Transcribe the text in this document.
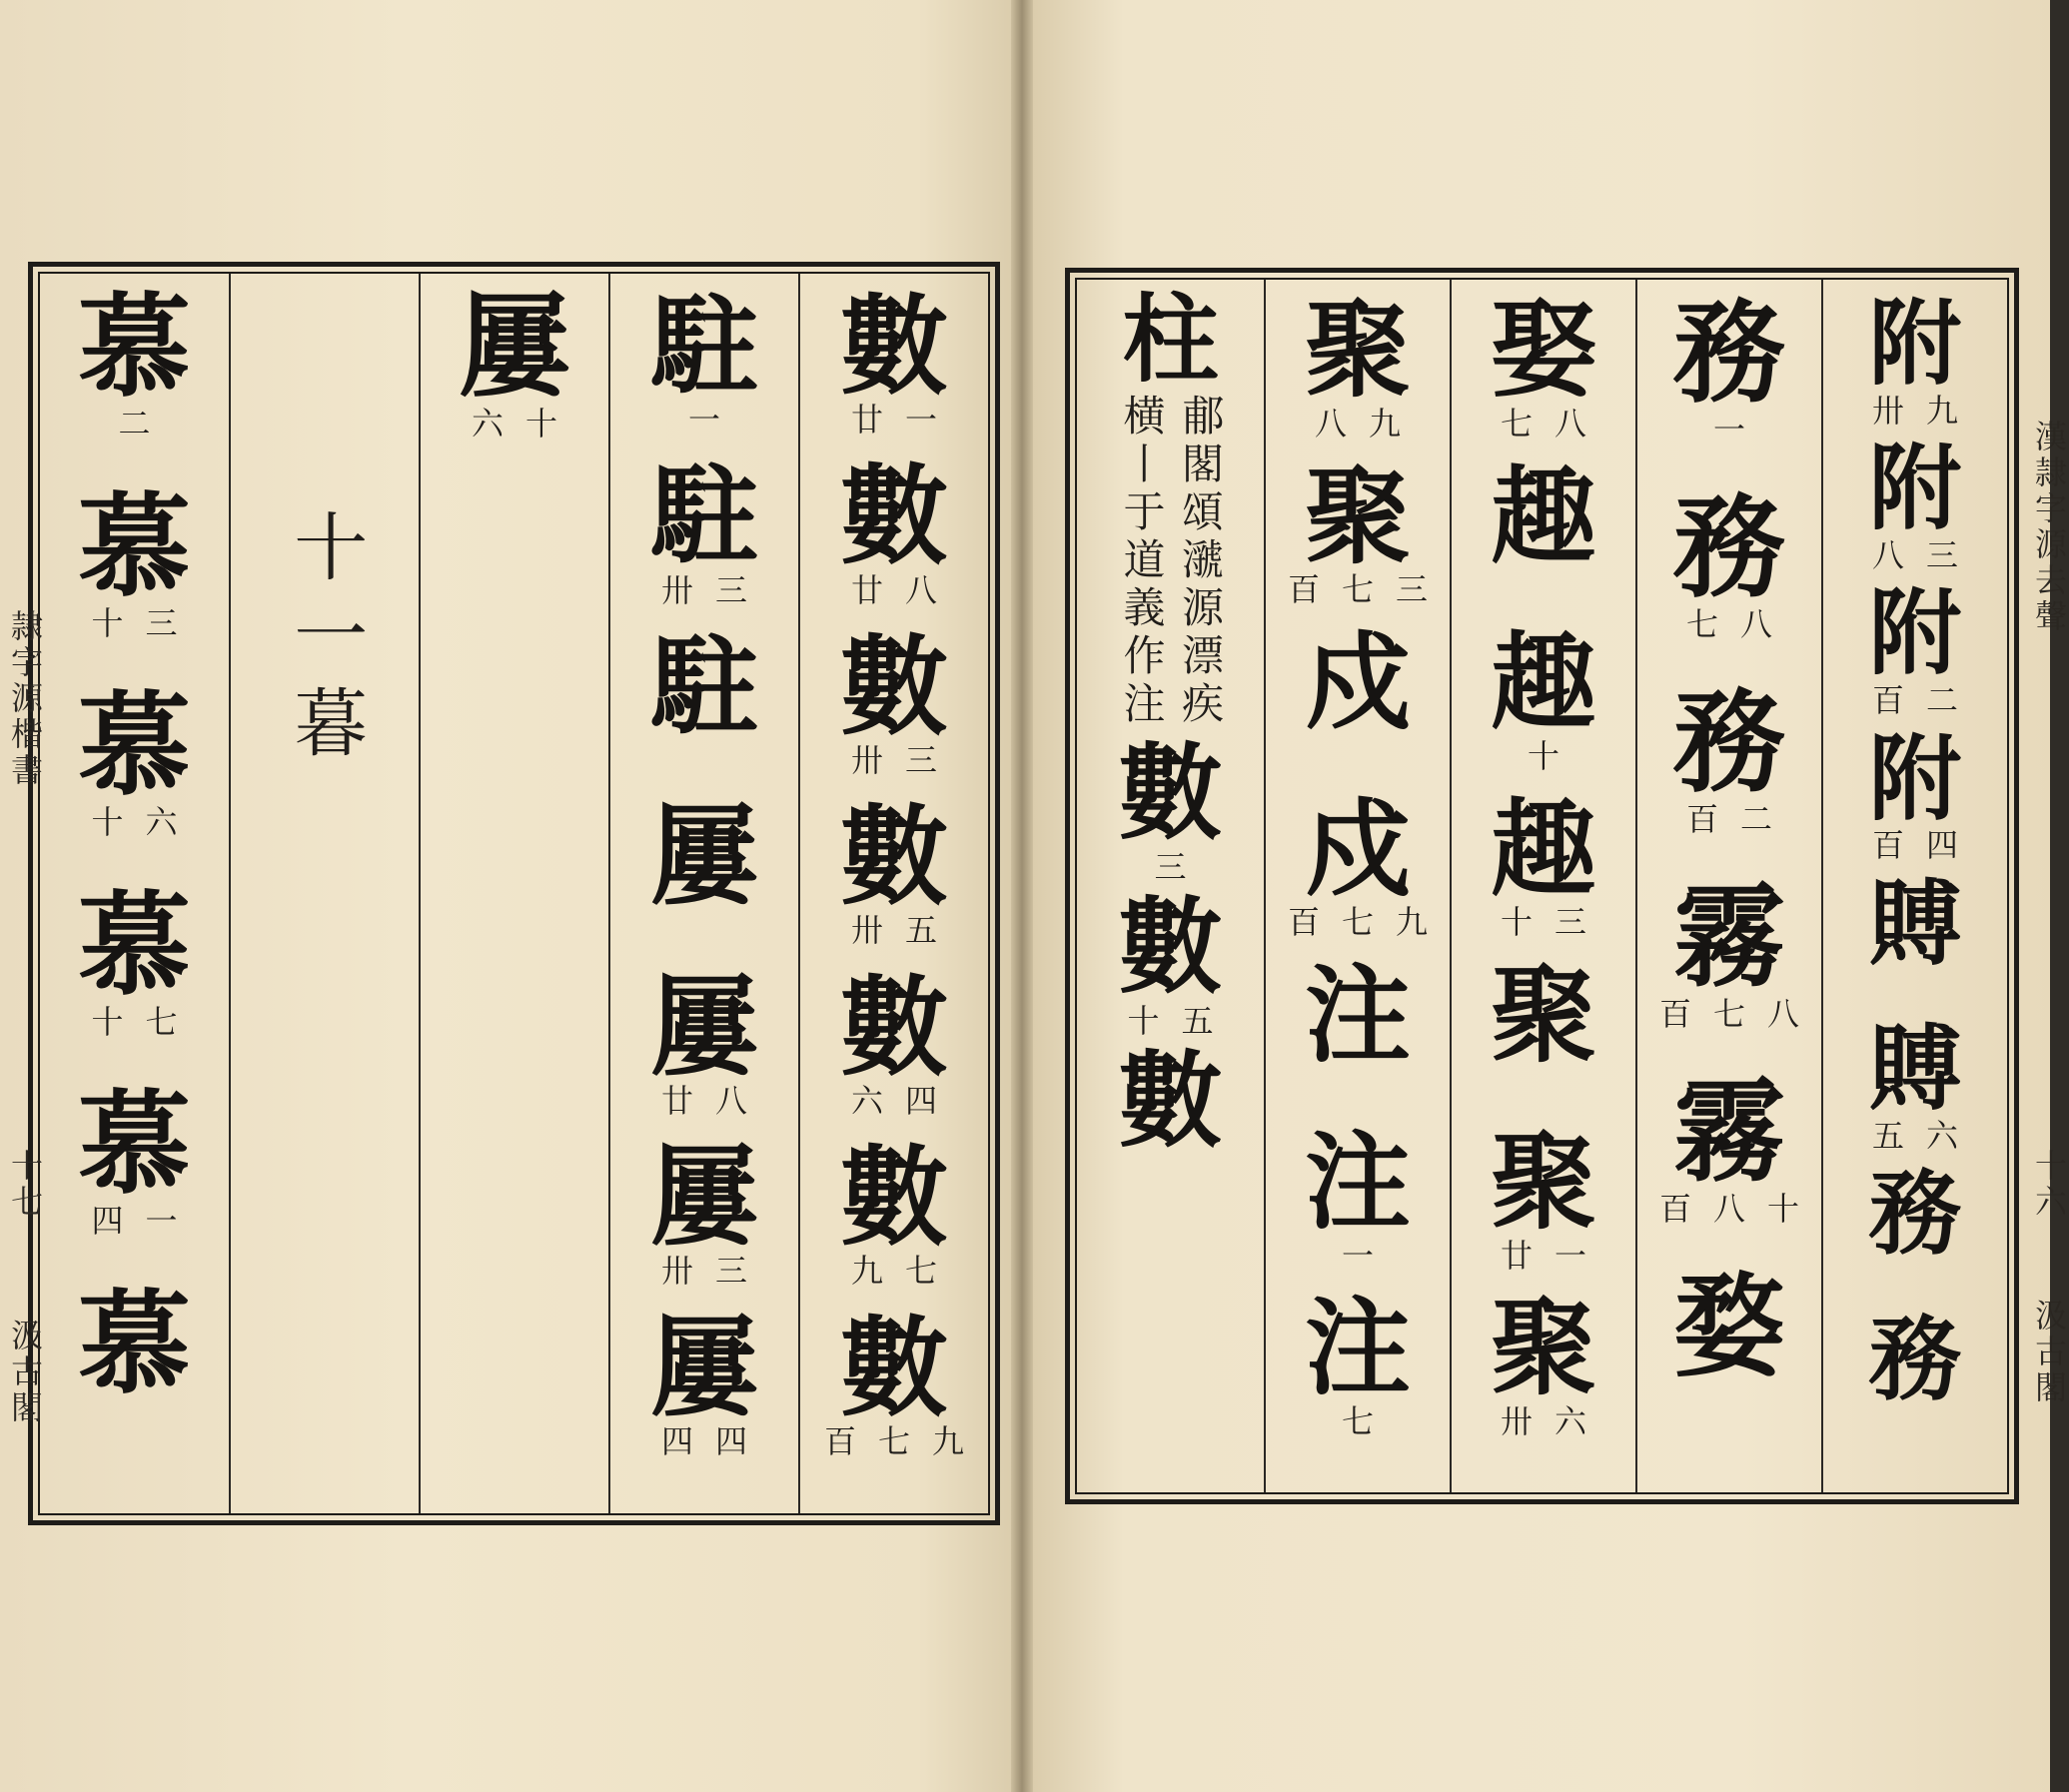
數
廿一
數
廿八
數
卅三
數
卅五
數
六四
數
九七
數
百七九
駐
一
駐
卅三
駐
屢
屢
廿八
屢
卅三
屢
四四
屢
六十
十一暮
慕
二
慕
十三
慕
十六
慕
十七
慕
四一
慕
隷字源楷書
十七
汲古閣
附
卅九
附
八三
附
百二
附
百四
賻
賻
五六
務
務
務
一
務
七八
務
百二
霧
百七八
霧
百八十
婺
娶
七八
趣
趣
十
趣
十三
聚
聚
廿一
聚
卅六
聚
八九
聚
百七三
戍
戍
百七九
注
注
一
注
七
柱
郙閣頌㶁源漂疾
横丨于道義作注
數
三
數
十五
數
漢隷字源去聲
十六
汲古閣
